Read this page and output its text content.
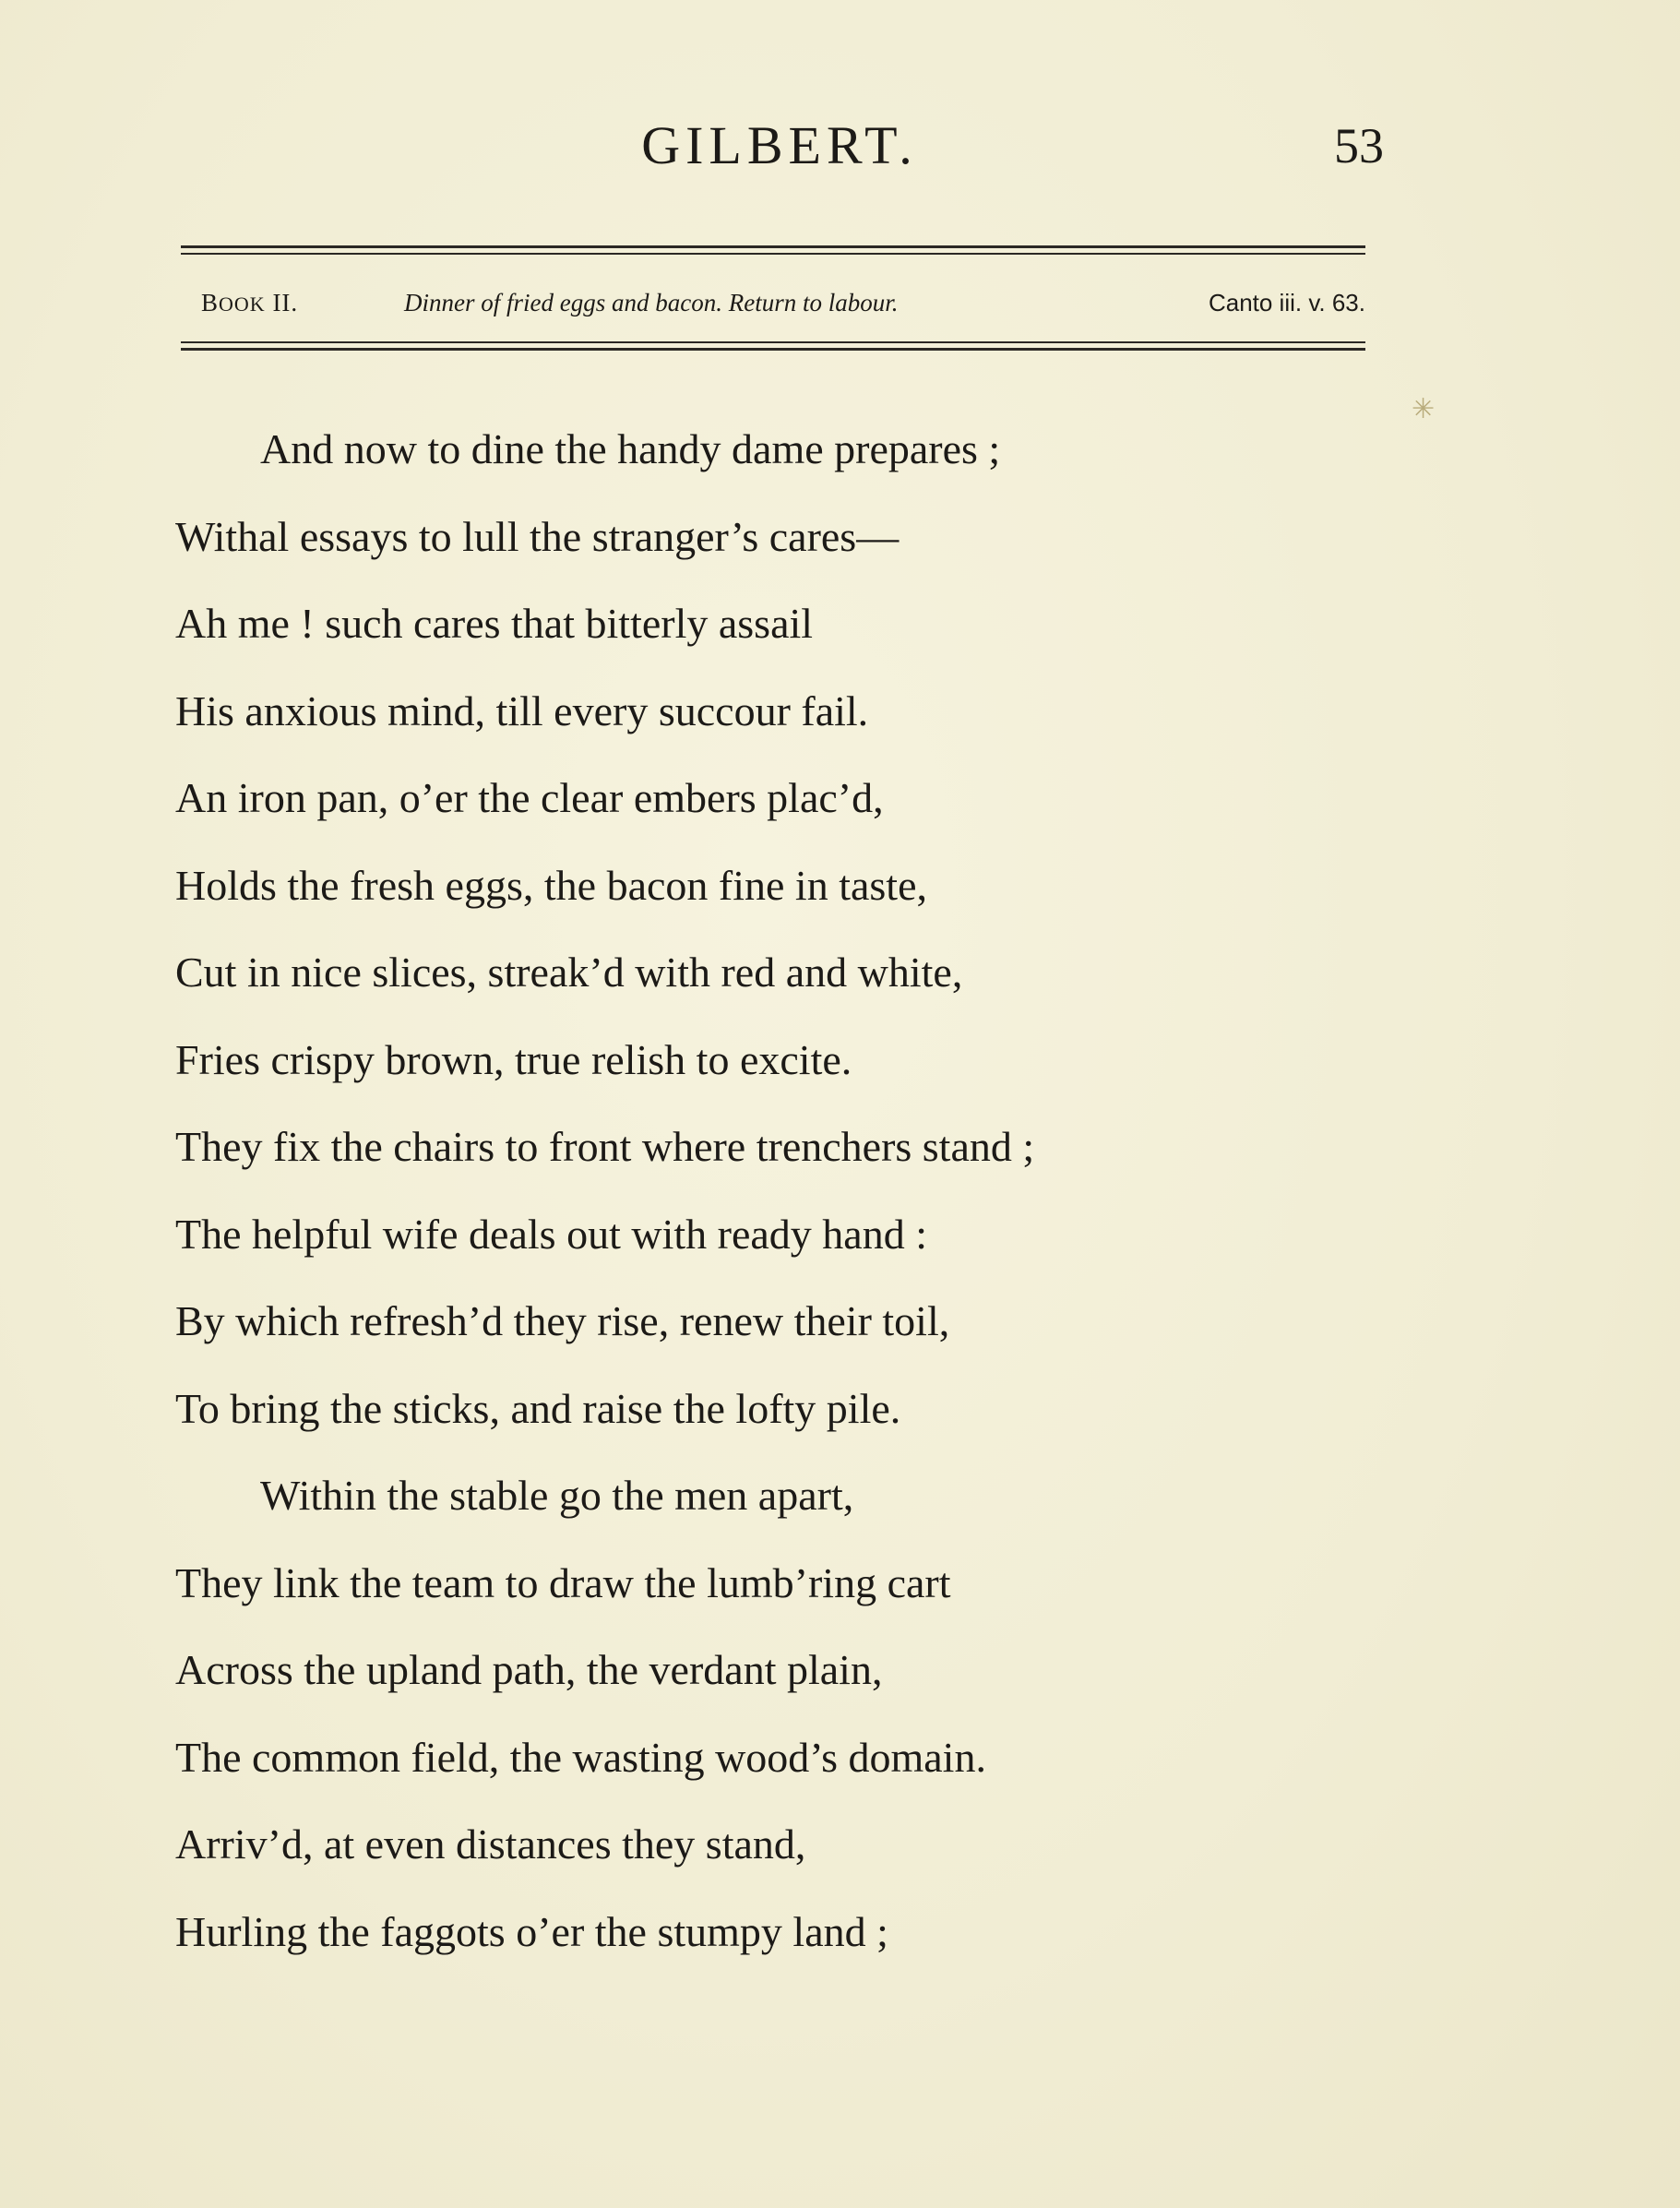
GILBERT.	53
BOOK II.	Dinner of fried eggs and bacon. Return to labour.	Canto iii. v. 63.
✳
And now to dine the handy dame prepares ;
Withal essays to lull the stranger’s cares—
Ah me ! such cares that bitterly assail
His anxious mind, till every succour fail.
An iron pan, o’er the clear embers plac’d,
Holds the fresh eggs, the bacon fine in taste,
Cut in nice slices, streak’d with red and white,
Fries crispy brown, true relish to excite.
They fix the chairs to front where trenchers stand ;
The helpful wife deals out with ready hand :
By which refresh’d they rise, renew their toil,
To bring the sticks, and raise the lofty pile.
Within the stable go the men apart,
They link the team to draw the lumb’ring cart
Across the upland path, the verdant plain,
The common field, the wasting wood’s domain.
Arriv’d, at even distances they stand,
Hurling the faggots o’er the stumpy land ;
